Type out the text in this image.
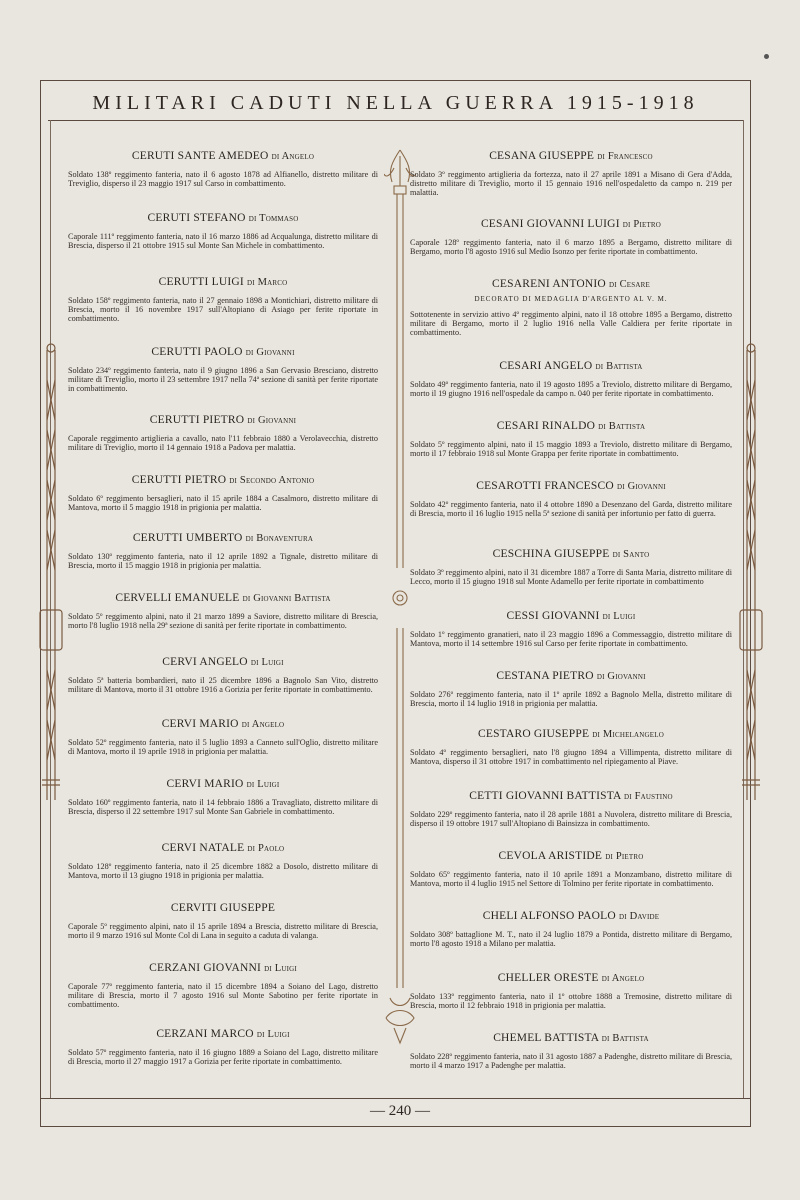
MILITARI CADUTI NELLA GUERRA 1915-1918
CERUTI SANTE AMEDEO di Angelo
Soldato 138º reggimento fanteria, nato il 6 agosto 1878 ad Alfianello, distretto militare di Treviglio, disperso il 23 maggio 1917 sul Carso in combattimento.
CERUTI STEFANO di Tommaso
Caporale 111º reggimento fanteria, nato il 16 marzo 1886 ad Acqualunga, distretto militare di Brescia, disperso il 21 ottobre 1915 sul Monte San Michele in combattimento.
CERUTTI LUIGI di Marco
Soldato 158º reggimento fanteria, nato il 27 gennaio 1898 a Montichiari, distretto militare di Brescia, morto il 16 novembre 1917 sull'Altopiano di Asiago per ferite riportate in combattimento.
CERUTTI PAOLO di Giovanni
Soldato 234º reggimento fanteria, nato il 9 giugno 1896 a San Gervasio Bresciano, distretto militare di Treviglio, morto il 23 settembre 1917 nella 74ª sezione di sanità per ferite riportate in combattimento.
CERUTTI PIETRO di Giovanni
Caporale reggimento artiglieria a cavallo, nato l'11 febbraio 1880 a Verolavecchia, distretto militare di Treviglio, morto il 14 gennaio 1918 a Padova per malattia.
CERUTTI PIETRO di Secondo Antonio
Soldato 6º reggimento bersaglieri, nato il 15 aprile 1884 a Casalmoro, distretto militare di Mantova, morto il 5 maggio 1918 in prigionia per malattia.
CERUTTI UMBERTO di Bonaventura
Soldato 130º reggimento fanteria, nato il 12 aprile 1892 a Tignale, distretto militare di Brescia, morto il 15 maggio 1918 in prigionia per malattia.
CERVELLI EMANUELE di Giovanni Battista
Soldato 5º reggimento alpini, nato il 21 marzo 1899 a Saviore, distretto militare di Brescia, morto l'8 luglio 1918 nella 29ª sezione di sanità per ferite riportate in combattimento.
CERVI ANGELO di Luigi
Soldato 5ª batteria bombardieri, nato il 25 dicembre 1896 a Bagnolo San Vito, distretto militare di Mantova, morto il 31 ottobre 1916 a Gorizia per ferite riportate in combattimento.
CERVI MARIO di Angelo
Soldato 52º reggimento fanteria, nato il 5 luglio 1893 a Canneto sull'Oglio, distretto militare di Mantova, morto il 19 aprile 1918 in prigionia per malattia.
CERVI MARIO di Luigi
Soldato 160º reggimento fanteria, nato il 14 febbraio 1886 a Travagliato, distretto militare di Brescia, disperso il 22 settembre 1917 sul Monte San Gabriele in combattimento.
CERVI NATALE di Paolo
Soldato 128º reggimento fanteria, nato il 25 dicembre 1882 a Dosolo, distretto militare di Mantova, morto il 13 giugno 1918 in prigionia per malattia.
CERVITI GIUSEPPE
Caporale 5º reggimento alpini, nato il 15 aprile 1894 a Brescia, distretto militare di Brescia, morto il 9 marzo 1916 sul Monte Col di Lana in seguito a caduta di valanga.
CERZANI GIOVANNI di Luigi
Caporale 77º reggimento fanteria, nato il 15 dicembre 1894 a Soiano del Lago, distretto militare di Brescia, morto il 7 agosto 1916 sul Monte Sabotino per ferite riportate in combattimento.
CERZANI MARCO di Luigi
Soldato 57º reggimento fanteria, nato il 16 giugno 1889 a Soiano del Lago, distretto militare di Brescia, morto il 27 maggio 1917 a Gorizia per ferite riportate in combattimento.
CESANA GIUSEPPE di Francesco
Soldato 3º reggimento artiglieria da fortezza, nato il 27 aprile 1891 a Misano di Gera d'Adda, distretto militare di Treviglio, morto il 15 gennaio 1916 nell'ospedaletto da campo n. 219 per malattia.
CESANI GIOVANNI LUIGI di Pietro
Caporale 128º reggimento fanteria, nato il 6 marzo 1895 a Bergamo, distretto militare di Bergamo, morto l'8 agosto 1916 sul Medio Isonzo per ferite riportate in combattimento.
CESARENI ANTONIO di Cesare
DECORATO DI MEDAGLIA D'ARGENTO AL V. M.
Sottotenente in servizio attivo 4º reggimento alpini, nato il 18 ottobre 1895 a Bergamo, distretto militare di Bergamo, morto il 2 luglio 1916 nella Valle Caldiera per ferite riportate in combattimento.
CESARI ANGELO di Battista
Soldato 49º reggimento fanteria, nato il 19 agosto 1895 a Treviolo, distretto militare di Bergamo, morto il 19 giugno 1916 nell'ospedale da campo n. 040 per ferite riportate in combattimento.
CESARI RINALDO di Battista
Soldato 5º reggimento alpini, nato il 15 maggio 1893 a Treviolo, distretto militare di Bergamo, morto il 17 febbraio 1918 sul Monte Grappa per ferite riportate in combattimento.
CESAROTTI FRANCESCO di Giovanni
Soldato 42º reggimento fanteria, nato il 4 ottobre 1890 a Desenzano del Garda, distretto militare di Brescia, morto il 16 luglio 1915 nella 5ª sezione di sanità per infortunio per fatto di guerra.
CESCHINA GIUSEPPE di Santo
Soldato 3º reggimento alpini, nato il 31 dicembre 1887 a Torre di Santa Maria, distretto militare di Lecco, morto il 15 giugno 1918 sul Monte Adamello per ferite riportate in combattimento
CESSI GIOVANNI di Luigi
Soldato 1º reggimento granatieri, nato il 23 maggio 1896 a Commessaggio, distretto militare di Mantova, morto il 14 settembre 1916 sul Carso per ferite riportate in combattimento.
CESTANA PIETRO di Giovanni
Soldato 276º reggimento fanteria, nato il 1º aprile 1892 a Bagnolo Mella, distretto militare di Brescia, morto il 14 luglio 1918 in prigionia per malattia.
CESTARO GIUSEPPE di Michelangelo
Soldato 4º reggimento bersaglieri, nato l'8 giugno 1894 a Villimpenta, distretto militare di Mantova, disperso il 31 ottobre 1917 in combattimento nel ripiegamento al Piave.
CETTI GIOVANNI BATTISTA di Faustino
Soldato 229º reggimento fanteria, nato il 28 aprile 1881 a Nuvolera, distretto militare di Brescia, disperso il 19 ottobre 1917 sull'Altopiano di Bainsizza in combattimento.
CEVOLA ARISTIDE di Pietro
Soldato 65º reggimento fanteria, nato il 10 aprile 1891 a Monzambano, distretto militare di Mantova, morto il 4 luglio 1915 nel Settore di Tolmino per ferite riportate in combattimento.
CHELI ALFONSO PAOLO di Davide
Soldato 308º battaglione M. T., nato il 24 luglio 1879 a Pontida, distretto militare di Bergamo, morto l'8 agosto 1918 a Milano per malattia.
CHELLER ORESTE di Angelo
Soldato 133º reggimento fanteria, nato il 1º ottobre 1888 a Tremosine, distretto militare di Brescia, morto il 12 febbraio 1918 in prigionia per malattia.
CHEMEL BATTISTA di Battista
Soldato 228º reggimento fanteria, nato il 31 agosto 1887 a Padenghe, distretto militare di Brescia, morto il 4 marzo 1917 a Padenghe per malattia.
— 240 —
